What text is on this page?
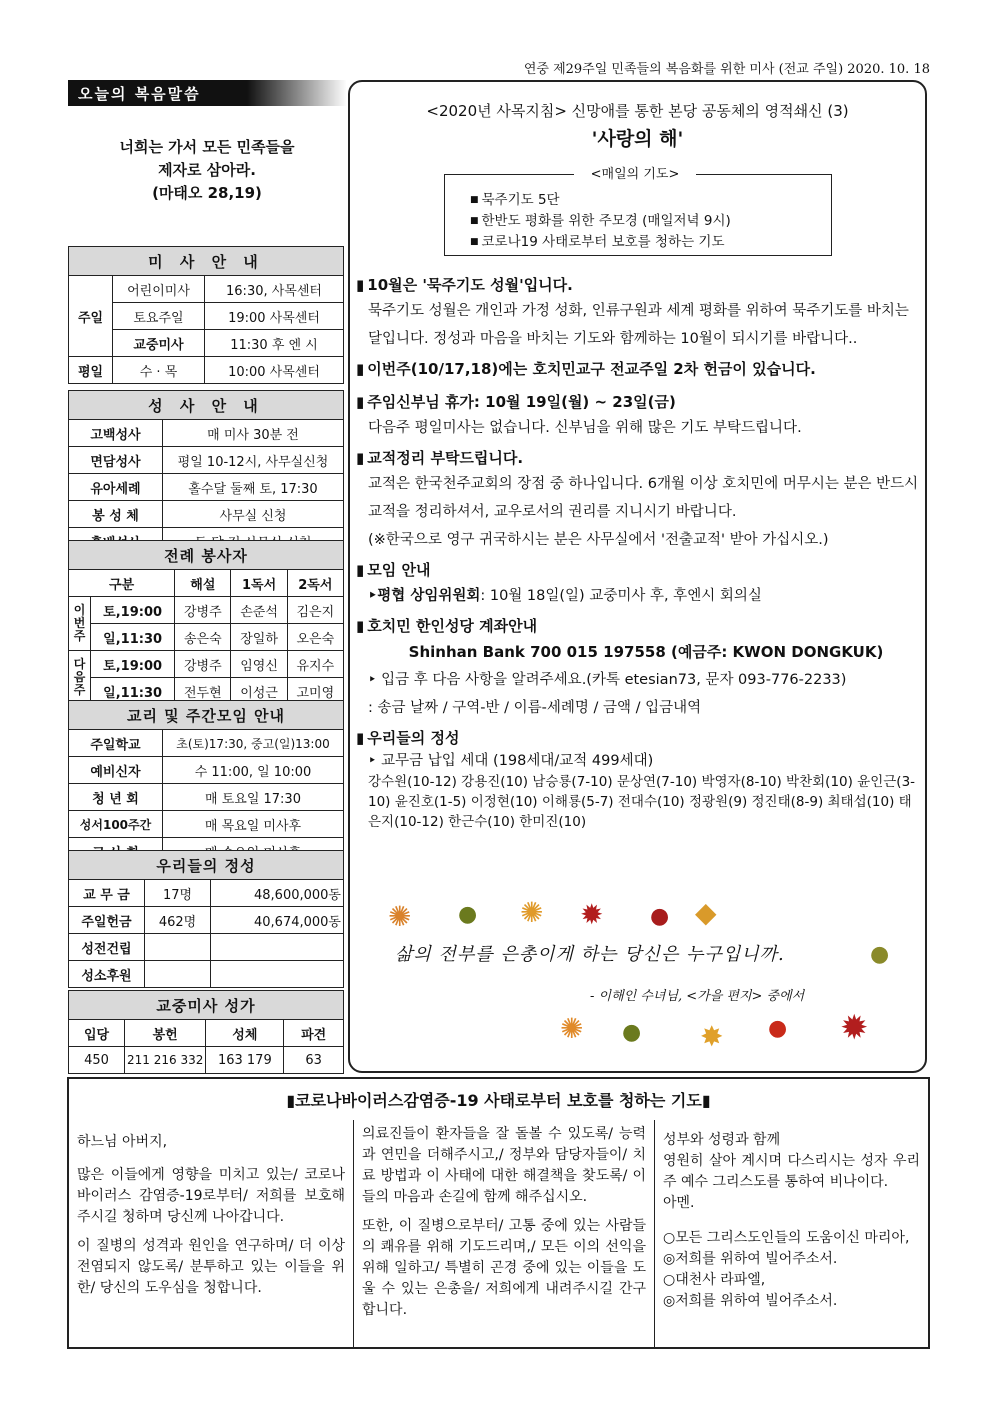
연중 제29주일 민족들의 복음화를 위한 미사 (전교 주일) 2020. 10. 18
오늘의 복음말씀
너희는 가서 모든 민족들을
제자로 삼아라.
(마태오 28,19)
미 사 안 내		
주일	어린이미사	16:30, 사목센터
	토요주일	19:00 사목센터
	교중미사	11:30 후 엔 시
평일	수 · 목	10:00 사목센터
성 사 안 내	
고백성사	매 미사 30분 전
면담성사	평일 10-12시, 사무실신청
유아세례	홀수달 둘째 토, 17:30
봉 성 체	사무실 신청

전례 봉사자				
구분		해설	1독서	2독서
이번주	토,19:00	강병주	손준석	김은지
	일,11:30	송은숙	장일하	오은숙
다음주	토,19:00	강병주	임영신	유지수
	일,11:30	전두현	이성근	고미영
교리 및 주간모임 안내	
주일학교	초(토)17:30, 중고(일)13:00
예비신자	수 11:00, 일 10:00
청 년 회	매 토요일 17:30
성서100주간	매 목요일 미사후

우리들의 정성		
교 무 금	17명	48,600,000동
주일헌금	462명	40,674,000동
성전건립		
성소후원		
교중미사 성가			
입당	봉헌	성체	파견
450	211 216 332	163 179	63
<2020년 사목지침> 신망애를 통한 본당 공동체의 영적쇄신 (3)
'사랑의 해'
<매일의 기도>
■ 묵주기도 5단
■ 한반도 평화를 위한 주모경 (매일저녁 9시)
■ 코로나19 사태로부터 보호를 청하는 기도
▮ 10월은 '묵주기도 성월'입니다.

묵주기도 성월은 개인과 가정 성화, 인류구원과 세계 평화를 위하여 묵주기도를 바치는 달입니다. 정성과 마음을 바치는 기도와 함께하는 10월이 되시기를 바랍니다..

▮ 이번주(10/17,18)에는 호치민교구 전교주일 2차 헌금이 있습니다.
▮ 주임신부님 휴가: 10월 19일(월) ~ 23일(금)

다음주 평일미사는 없습니다. 신부님을 위해 많은 기도 부탁드립니다.

▮ 교적정리 부탁드립니다.

교적은 한국천주교회의 장점 중 하나입니다. 6개월 이상 호치민에 머무시는 분은 반드시 교적을 정리하셔서, 교우로서의 권리를 지니시기 바랍니다.

(※한국으로 영구 귀국하시는 분은 사무실에서 '전출교적' 받아 가십시오.)

▮ 모임 안내

‣평협 상임위원회: 10월 18일(일) 교중미사 후, 후엔시 회의실

▮ 호치민 한인성당 계좌안내

Shinhan Bank 700 015 197558 (예금주: KWON DONGKUK)

‣ 입금 후 다음 사항을 알려주세요.(카톡 etesian73, 문자 093-776-2233)

: 송금 날짜 / 구역-반 / 이름-세례명 / 금액 / 입금내역

▮ 우리들의 정성

‣ 교무금 납입 세대 (198세대/교적 499세대)

강수원(10-12) 강용진(10) 남승룡(7-10) 문상연(7-10) 박영자(8-10) 박찬회(10) 윤인근(3-10) 윤진호(1-5) 이정현(10) 이해룡(5-7) 전대수(10) 정광원(9) 정진태(8-9) 최태섭(10) 태은지(10-12) 한근수(10) 한미진(10)

✺ ● ✺ ✹ ● ◆
●
✺ ● ✸ ● ✹
삶의 전부를 은총이게 하는 당신은 누구입니까.
- 이해인 수녀님, <가을 편지> 중에서
▮코로나바이러스감염증-19 사태로부터 보호를 청하는 기도▮

하느님 아버지,

많은 이들에게 영향을 미치고 있는/ 코로나 바이러스 감염증-19로부터/ 저희를 보호해주시길 청하며 당신께 나아갑니다.

이 질병의 성격과 원인을 연구하며/ 더 이상 전염되지 않도록/ 분투하고 있는 이들을 위한/ 당신의 도우심을 청합니다.

의료진들이 환자들을 잘 돌볼 수 있도록/ 능력과 연민을 더해주시고,/ 정부와 담당자들이/ 치료 방법과 이 사태에 대한 해결책을 찾도록/ 이들의 마음과 손길에 함께 해주십시오.

또한, 이 질병으로부터/ 고통 중에 있는 사람들의 쾌유를 위해 기도드리며,/ 모든 이의 선익을 위해 일하고/ 특별히 곤경 중에 있는 이들을 도울 수 있는 은총을/ 저희에게 내려주시길 간구합니다.

성부와 성령과 함께

영원히 살아 계시며 다스리시는 성자 우리 주 예수 그리스도를 통하여 비나이다.

아멘.

○모든 그리스도인들의 도움이신 마리아,

◎저희를 위하여 빌어주소서.

○대천사 라파엘,

◎저희를 위하여 빌어주소서.
